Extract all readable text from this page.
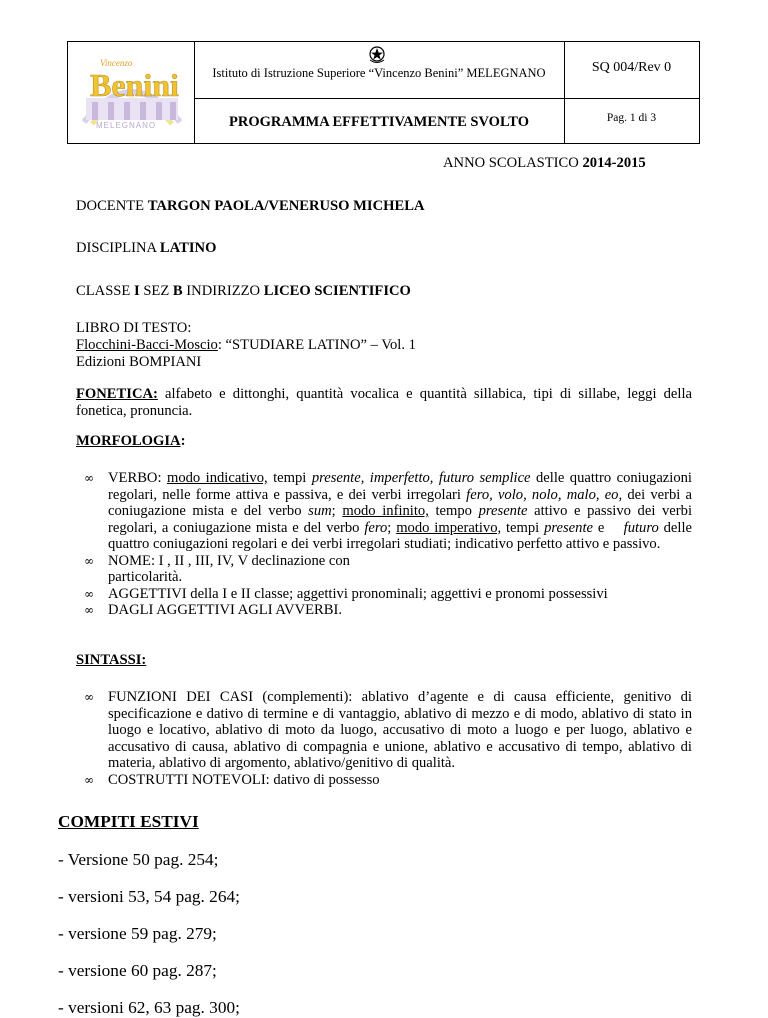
Vincenzo
Benini
MELEGNANO
Istituto di Istruzione Superiore “Vincenzo Benini” MELEGNANO
PROGRAMMA EFFETTIVAMENTE SVOLTO
SQ 004/Rev 0
Pag. 1 di 3
ANNO SCOLASTICO 2014-2015
DOCENTE TARGON PAOLA/VENERUSO MICHELA
DISCIPLINA LATINO
CLASSE I SEZ B INDIRIZZO LICEO SCIENTIFICO
LIBRO DI TESTO:
Flocchini-Bacci-Moscio: “STUDIARE LATINO” – Vol. 1
Edizioni BOMPIANI
FONETICA: alfabeto e dittonghi, quantità vocalica e quantità sillabica, tipi di sillabe, leggi della fonetica, pronuncia.
MORFOLOGIA:
∞ VERBO: modo indicativo, tempi presente, imperfetto, futuro semplice delle quattro coniugazioni regolari, nelle forme attiva e passiva, e dei verbi irregolari fero, volo, nolo, malo, eo, dei verbi a coniugazione mista e del verbo sum; modo infinito, tempo presente attivo e passivo dei verbi regolari, a coniugazione mista e del verbo fero; modo imperativo, tempi presente e    futuro delle quattro coniugazioni regolari e dei verbi irregolari studiati; indicativo perfetto attivo e passivo.
∞ NOME: I , II , III, IV, V declinazione con
particolarità.
∞ AGGETTIVI della I e II classe; aggettivi pronominali; aggettivi e pronomi possessivi
∞ DAGLI AGGETTIVI AGLI AVVERBI.
SINTASSI:
∞ FUNZIONI DEI CASI (complementi): ablativo d’agente e di causa efficiente, genitivo di specificazione e dativo di termine e di vantaggio, ablativo di mezzo e di modo, ablativo di stato in luogo e locativo, ablativo di moto da luogo, accusativo di moto a luogo e per luogo, ablativo e accusativo di causa, ablativo di compagnia e unione, ablativo e accusativo di tempo, ablativo di materia, ablativo di argomento, ablativo/genitivo di qualità.
∞ COSTRUTTI NOTEVOLI: dativo di possesso
COMPITI ESTIVI
- Versione 50 pag. 254;
- versioni 53, 54 pag. 264;
- versione 59 pag. 279;
- versione 60 pag. 287;
- versioni 62, 63 pag. 300;
